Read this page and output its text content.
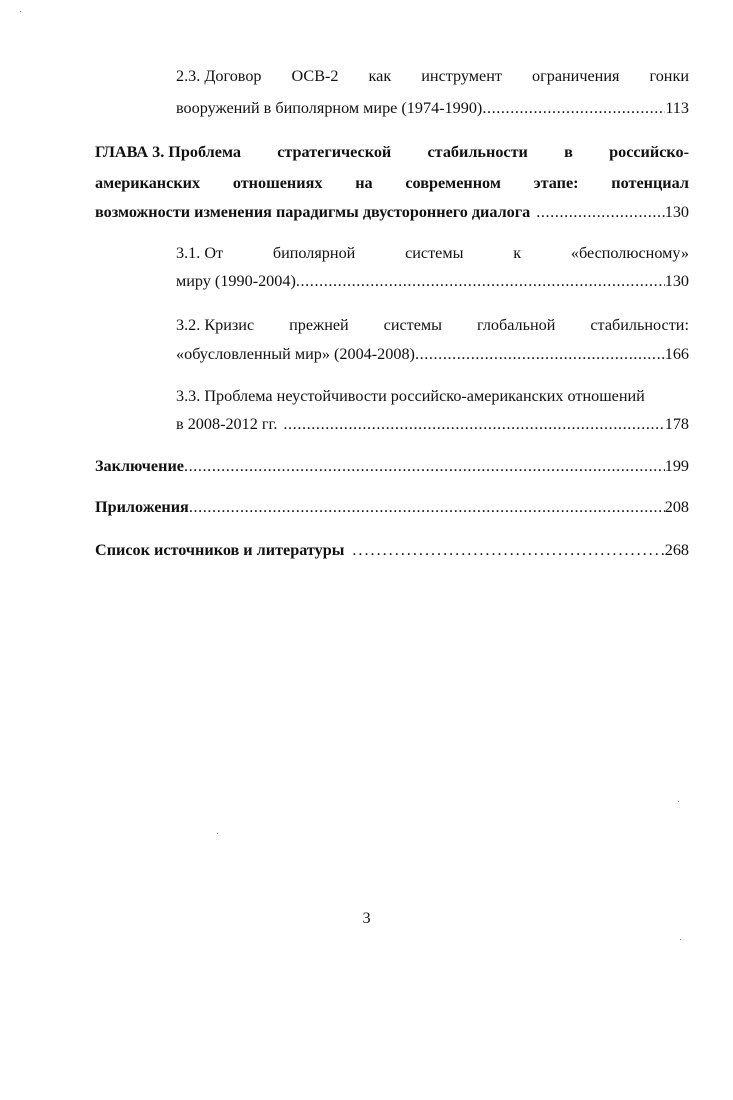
2.3. Договор ОСВ-2 как инструмент ограничения гонки
вооружений в биполярном мире (1974-1990) .....	113
ГЛАВА 3. Проблема стратегической стабильности в российско-
американских отношениях на современном этапе: потенциал
возможности изменения парадигмы двустороннего диалога .....	130
3.1. От	биполярной	системы	к	«бесполюсному»
миру (1990-2004) .....	130
3.2. Кризис прежней системы глобальной стабильности:
«обусловленный мир» (2004-2008) .....	166
3.3. Проблема неустойчивости российско-американских отношений
в 2008-2012 гг. .....	178
Заключение .....	199
Приложения .....	208
Список источников и литературы .....	268
3
